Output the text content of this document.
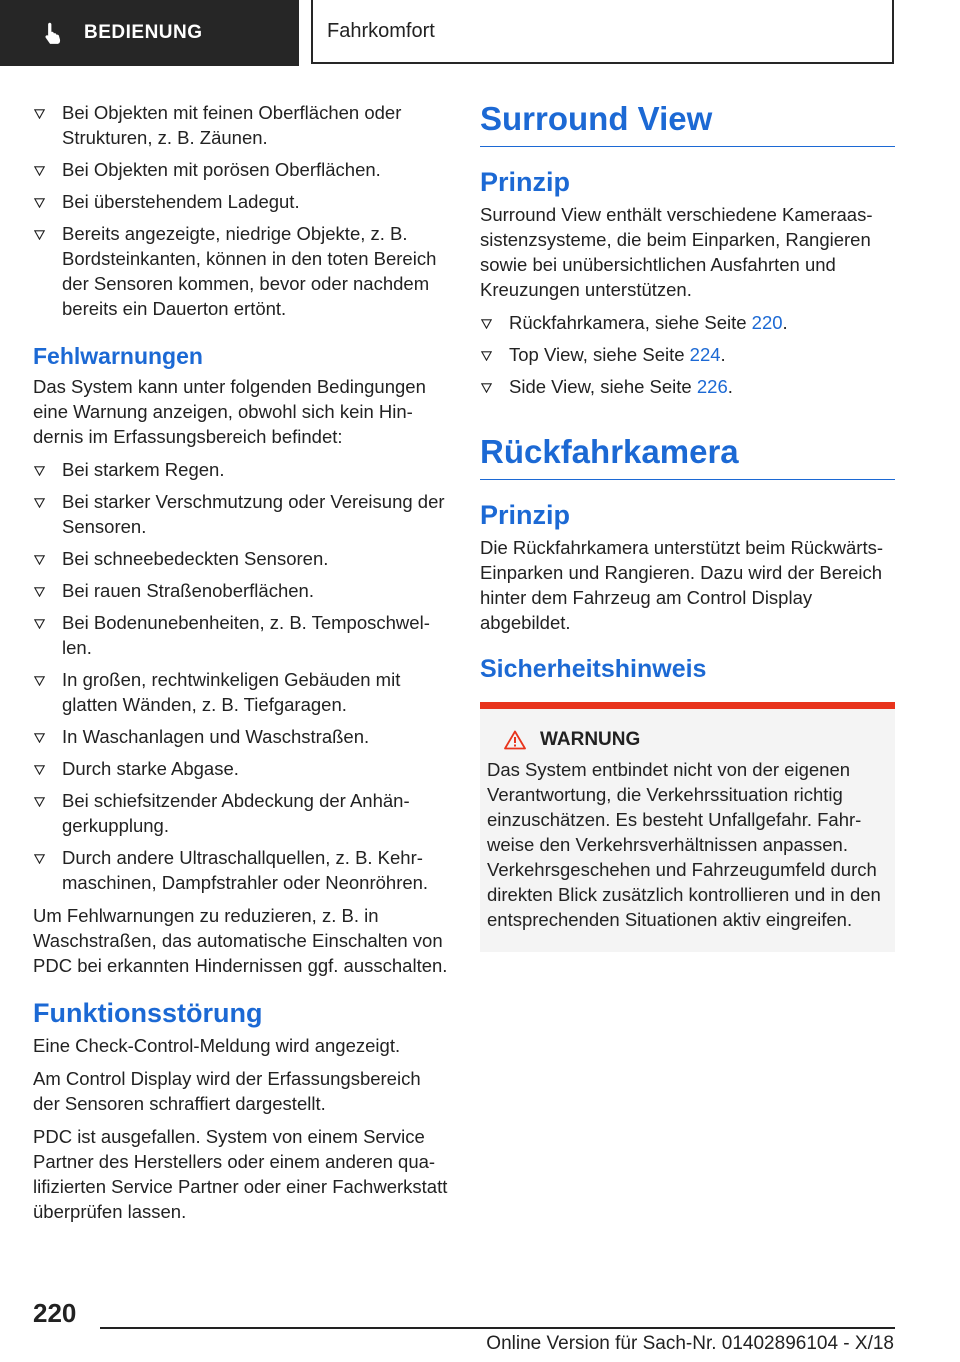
BEDIENUNG	Fahrkomfort
Bei Objekten mit feinen Oberflächen oder Strukturen, z. B. Zäunen.
Bei Objekten mit porösen Oberflächen.
Bei überstehendem Ladegut.
Bereits angezeigte, niedrige Objekte, z. B. Bordsteinkanten, können in den toten Bereich der Sensoren kommen, bevor oder nachdem bereits ein Dauerton ertönt.
Fehlwarnungen

Das System kann unter folgenden Bedingungen eine Warnung anzeigen, obwohl sich kein Hindernis im Erfassungsbereich befindet:

Bei starkem Regen.
Bei starker Verschmutzung oder Vereisung der Sensoren.
Bei schneebedeckten Sensoren.
Bei rauen Straßenoberflächen.
Bei Bodenunebenheiten, z. B. Temposchwellen.
In großen, rechtwinkeligen Gebäuden mit glatten Wänden, z. B. Tiefgaragen.
In Waschanlagen und Waschstraßen.
Durch starke Abgase.
Bei schiefsitzender Abdeckung der Anhängerkupplung.
Durch andere Ultraschallquellen, z. B. Kehrmaschinen, Dampfstrahler oder Neonröhren.

Um Fehlwarnungen zu reduzieren, z. B. in Waschstraßen, das automatische Einschalten von PDC bei erkannten Hindernissen ggf. ausschalten.

Funktionsstörung

Eine Check-Control-Meldung wird angezeigt.

Am Control Display wird der Erfassungsbereich der Sensoren schraffiert dargestellt.

PDC ist ausgefallen. System von einem Service Partner des Herstellers oder einem anderen qualifizierten Service Partner oder einer Fachwerkstatt überprüfen lassen.

Surround View
Prinzip

Surround View enthält verschiedene Kameraassistenzsysteme, die beim Einparken, Rangieren sowie bei unübersichtlichen Ausfahrten und Kreuzungen unterstützen.

Rückfahrkamera, siehe Seite 220.
Top View, siehe Seite 224.
Side View, siehe Seite 226.
Rückfahrkamera
Prinzip

Die Rückfahrkamera unterstützt beim Rückwärts-Einparken und Rangieren. Dazu wird der Bereich hinter dem Fahrzeug am Control Display abgebildet.

Sicherheitshinweis
WARNUNG

Das System entbindet nicht von der eigenen Verantwortung, die Verkehrssituation richtig einzuschätzen. Es besteht Unfallgefahr. Fahrweise den Verkehrsverhältnissen anpassen. Verkehrsgeschehen und Fahrzeugumfeld durch direkten Blick zusätzlich kontrollieren und in den entsprechenden Situationen aktiv eingreifen.

220
Online Version für Sach-Nr. 01402896104 - X/18
